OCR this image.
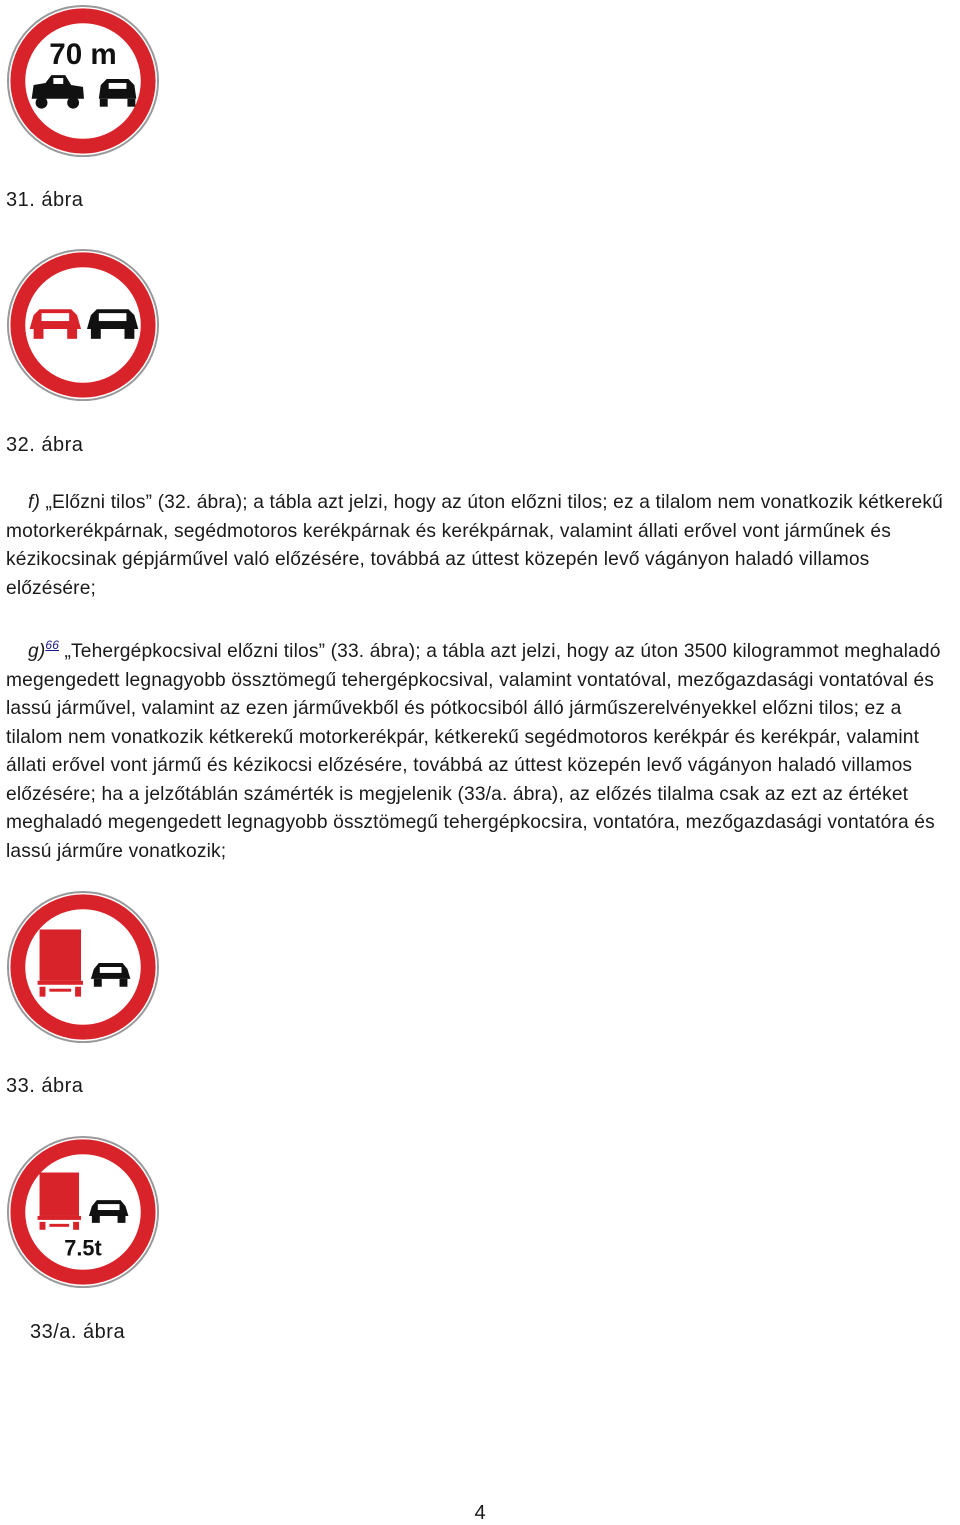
70 m
31. ábra
32. ábra

f) „Előzni tilos” (32. ábra); a tábla azt jelzi, hogy az úton előzni tilos; ez a tilalom nem vonatkozik kétkerekű motorkerékpárnak, segédmotoros kerékpárnak és kerékpárnak, valamint állati erővel vont járműnek és kézikocsinak gépjárművel való előzésére, továbbá az úttest közepén levő vágányon haladó villamos előzésére;

g)$^{66}$ „Tehergépkocsival előzni tilos” (33. ábra); a tábla azt jelzi, hogy az úton 3500 kilogrammot meghaladó megengedett legnagyobb össztömegű tehergépkocsival, valamint vontatóval, mezőgazdasági vontatóval és lassú járművel, valamint az ezen járművekből és pótkocsiból álló járműszerelvényekkel előzni tilos; ez a tilalom nem vonatkozik kétkerekű motorkerékpár, kétkerekű segédmotoros kerékpár és kerékpár, valamint állati erővel vont jármű és kézikocsi előzésére, továbbá az úttest közepén levő vágányon haladó villamos előzésére; ha a jelzőtáblán számérték is megjelenik (33/a. ábra), az előzés tilalma csak az ezt az értéket meghaladó megengedett legnagyobb össztömegű tehergépkocsira, vontatóra, mezőgazdasági vontatóra és lassú járműre vonatkozik;

33. ábra
7.5t
33/a. ábra
4
